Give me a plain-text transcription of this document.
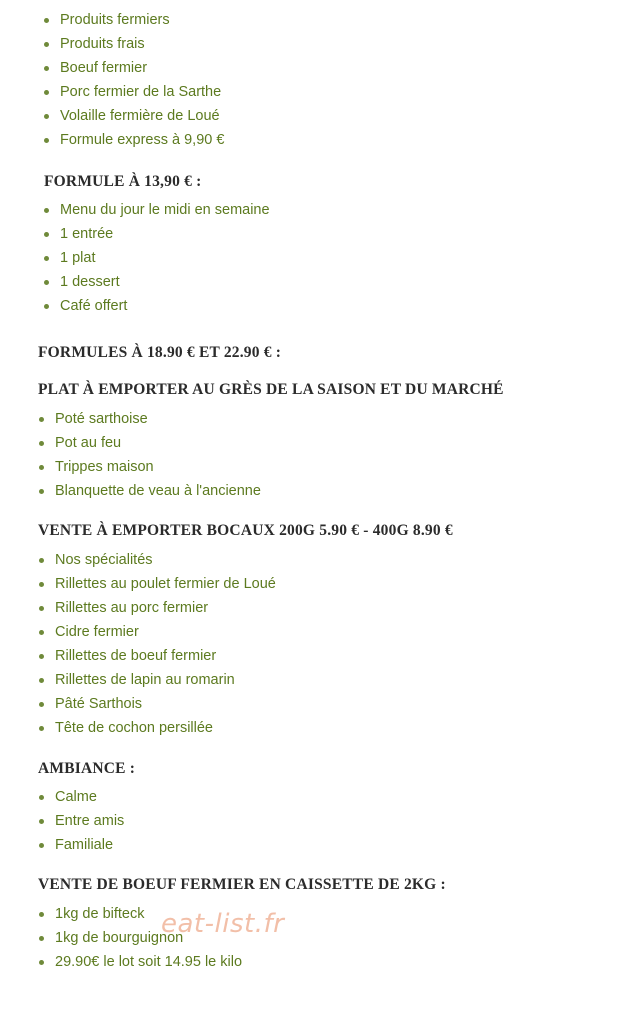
Produits fermiers
Produits frais
Boeuf fermier
Porc fermier de la Sarthe
Volaille fermière de Loué
Formule express à 9,90 €
FORMULE À 13,90 € :
Menu du jour le midi en semaine
1 entrée
1 plat
1 dessert
Café offert
FORMULES À 18.90 € ET 22.90 € :
PLAT À EMPORTER AU GRÈS DE LA SAISON ET DU MARCHÉ
Poté sarthoise
Pot au feu
Trippes maison
Blanquette de veau à l'ancienne
VENTE À EMPORTER BOCAUX 200G 5.90 € - 400G 8.90 €
Nos spécialités
Rillettes au poulet fermier de Loué
Rillettes au porc fermier
Cidre fermier
Rillettes de boeuf fermier
Rillettes de lapin au romarin
Pâté Sarthois
Tête de cochon persillée
AMBIANCE :
Calme
Entre amis
Familiale
VENTE DE BOEUF FERMIER EN CAISSETTE DE 2KG :
1kg de bifteck
1kg de bourguignon
29.90€ le lot soit 14.95 le kilo
eat-list.fr
